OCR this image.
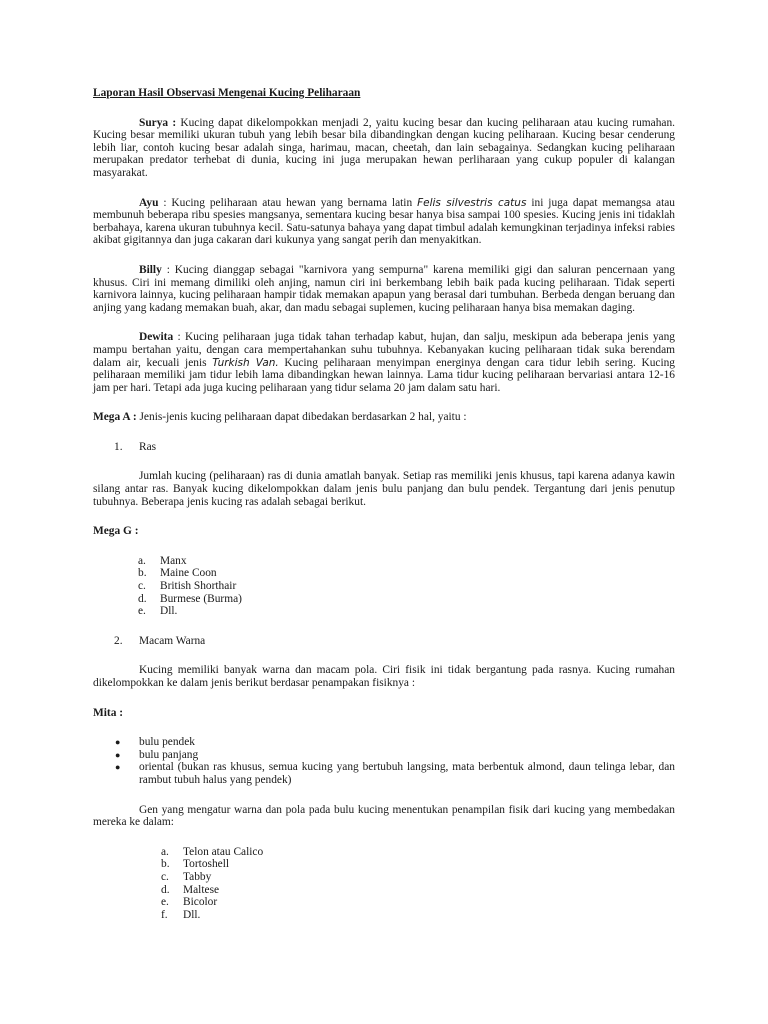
Laporan Hasil Observasi Mengenai Kucing Peliharaan

Surya : Kucing dapat dikelompokkan menjadi 2, yaitu kucing besar dan kucing peliharaan atau kucing rumahan. Kucing besar memiliki ukuran tubuh yang lebih besar bila dibandingkan dengan kucing peliharaan. Kucing besar cenderung lebih liar, contoh kucing besar adalah singa, harimau, macan, cheetah, dan lain sebagainya. Sedangkan kucing peliharaan merupakan predator terhebat di dunia, kucing ini juga merupakan hewan perliharaan yang cukup populer di kalangan masyarakat.

Ayu : Kucing peliharaan atau hewan yang bernama latin Felis silvestris catus ini juga dapat memangsa atau membunuh beberapa ribu spesies mangsanya, sementara kucing besar hanya bisa sampai 100 spesies. Kucing jenis ini tidaklah berbahaya, karena ukuran tubuhnya kecil. Satu-satunya bahaya yang dapat timbul adalah kemungkinan terjadinya infeksi rabies akibat gigitannya dan juga cakaran dari kukunya yang sangat perih dan menyakitkan.

Billy : Kucing dianggap sebagai "karnivora yang sempurna" karena memiliki gigi dan saluran pencernaan yang khusus. Ciri ini memang dimiliki oleh anjing, namun ciri ini berkembang lebih baik pada kucing peliharaan. Tidak seperti karnivora lainnya, kucing peliharaan hampir tidak memakan apapun yang berasal dari tumbuhan. Berbeda dengan beruang dan anjing yang kadang memakan buah, akar, dan madu sebagai suplemen, kucing peliharaan hanya bisa memakan daging.

Dewita : Kucing peliharaan juga tidak tahan terhadap kabut, hujan, dan salju, meskipun ada beberapa jenis yang mampu bertahan yaitu, dengan cara mempertahankan suhu tubuhnya. Kebanyakan kucing peliharaan tidak suka berendam dalam air, kecuali jenis Turkish Van. Kucing peliharaan menyimpan energinya dengan cara tidur lebih sering. Kucing peliharaan memiliki jam tidur lebih lama dibandingkan hewan lainnya. Lama tidur kucing peliharaan bervariasi antara 12-16 jam per hari. Tetapi ada juga kucing peliharaan yang tidur selama 20 jam dalam satu hari.

Mega A : Jenis-jenis kucing peliharaan dapat dibedakan berdasarkan 2 hal, yaitu :

1. Ras

Jumlah kucing (peliharaan) ras di dunia amatlah banyak. Setiap ras memiliki jenis khusus, tapi karena adanya kawin silang antar ras. Banyak kucing dikelompokkan dalam jenis bulu panjang dan bulu pendek. Tergantung dari jenis penutup tubuhnya. Beberapa jenis kucing ras adalah sebagai berikut.

Mega G :

a. Manx
b. Maine Coon
c. British Shorthair
d. Burmese (Burma)
e. Dll.
2. Macam Warna

Kucing memiliki banyak warna dan macam pola. Ciri fisik ini tidak bergantung pada rasnya. Kucing rumahan dikelompokkan ke dalam jenis berikut berdasar penampakan fisiknya :

Mita :

● bulu pendek
● bulu panjang
● oriental (bukan ras khusus, semua kucing yang bertubuh langsing, mata berbentuk almond, daun telinga lebar, dan rambut tubuh halus yang pendek)

Gen yang mengatur warna dan pola pada bulu kucing menentukan penampilan fisik dari kucing yang membedakan mereka ke dalam:

a. Telon atau Calico
b. Tortoshell
c. Tabby
d. Maltese
e. Bicolor
f. Dll.
